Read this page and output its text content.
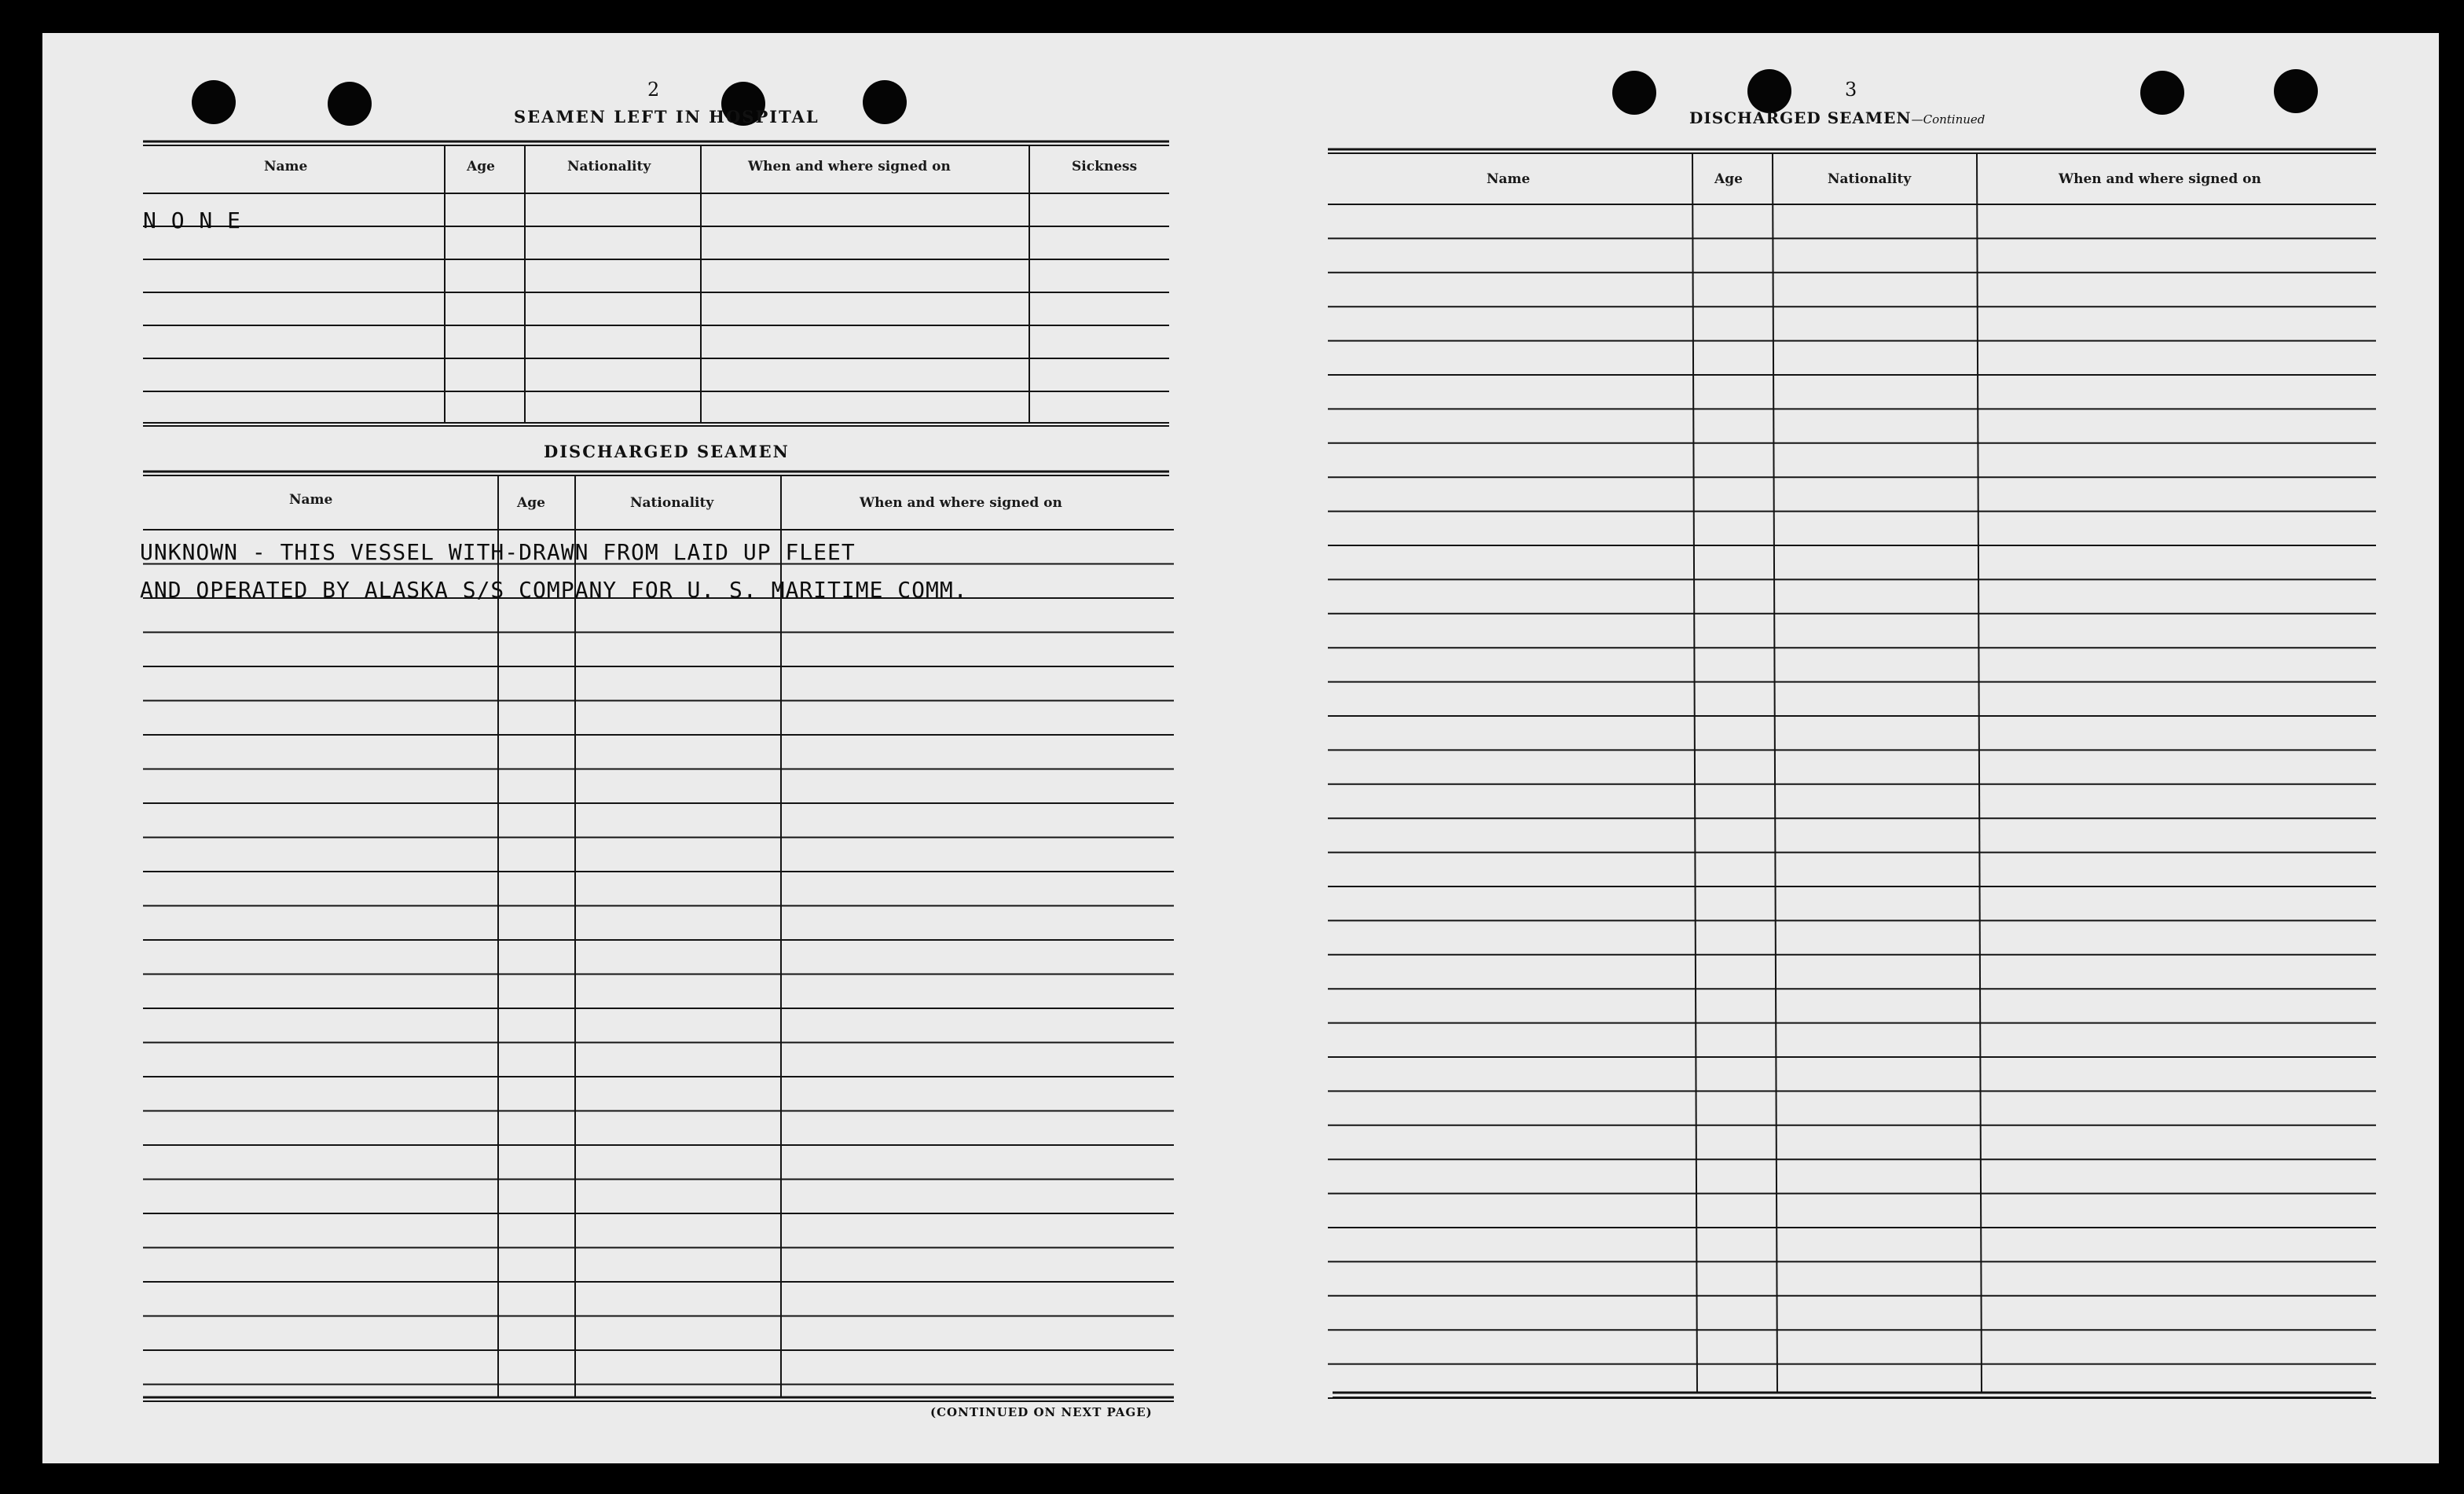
2
SEAMEN LEFT IN HOSPITAL
Name	Age	Nationality	When and where signed on	Sickness
N O N E
DISCHARGED SEAMEN
Name	Age	Nationality	When and where signed on
UNKNOWN - THIS VESSEL WITH-DRAWN FROM LAID UP FLEET
AND OPERATED BY ALASKA S/S COMPANY FOR U. S. MARITIME COMM.
(CONTINUED ON NEXT PAGE)
3
DISCHARGED SEAMEN—Continued
Name	Age	Nationality	When and where signed on
